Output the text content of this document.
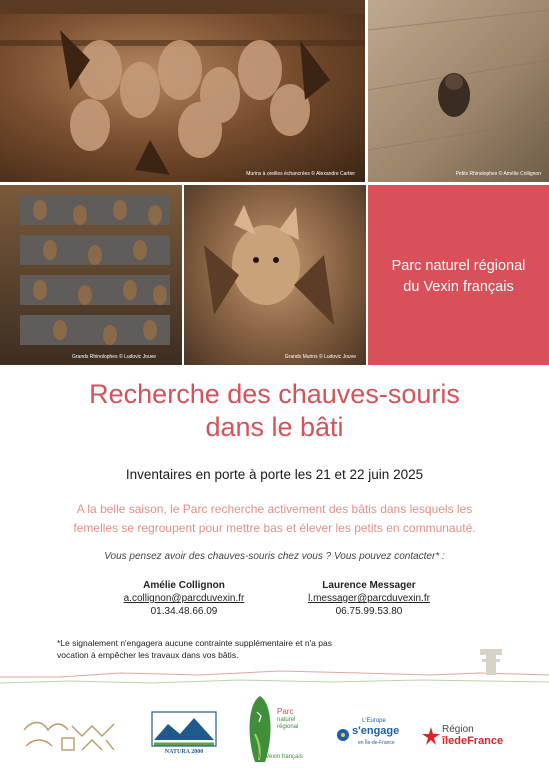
Murins à oreilles échancrées © Alexandre Cartier	Petits Rhinolophes © Amélie Collignon
Grands Rhinolophes © Ludovic Jouve	Grands Murins © Ludovic Jouve
Parc naturel régional
du Vexin français
Recherche des chauves-souris
dans le bâti
Inventaires en porte à porte les 21 et 22 juin 2025
A la belle saison, le Parc recherche activement des bâtis dans lesquels les
femelles se regroupent pour mettre bas et élever les petits en communauté.
Vous pensez avoir des chauves-souris chez vous ? Vous pouvez contacter* :
Amélie Collignon
a.collignon@parcduvexin.fr
01.34.48.66.09
Laurence Messager
l.messager@parcduvexin.fr
06.75.99.53.80
*Le signalement n'engagera aucune contrainte supplémentaire et n'a pas
vocation à empêcher les travaux dans vos bâtis.
NATURA 2000
Parc
naturel
régional
du Vexin français
L'Europe
s'engage
en Île-de-France
Région
îledeFrance
